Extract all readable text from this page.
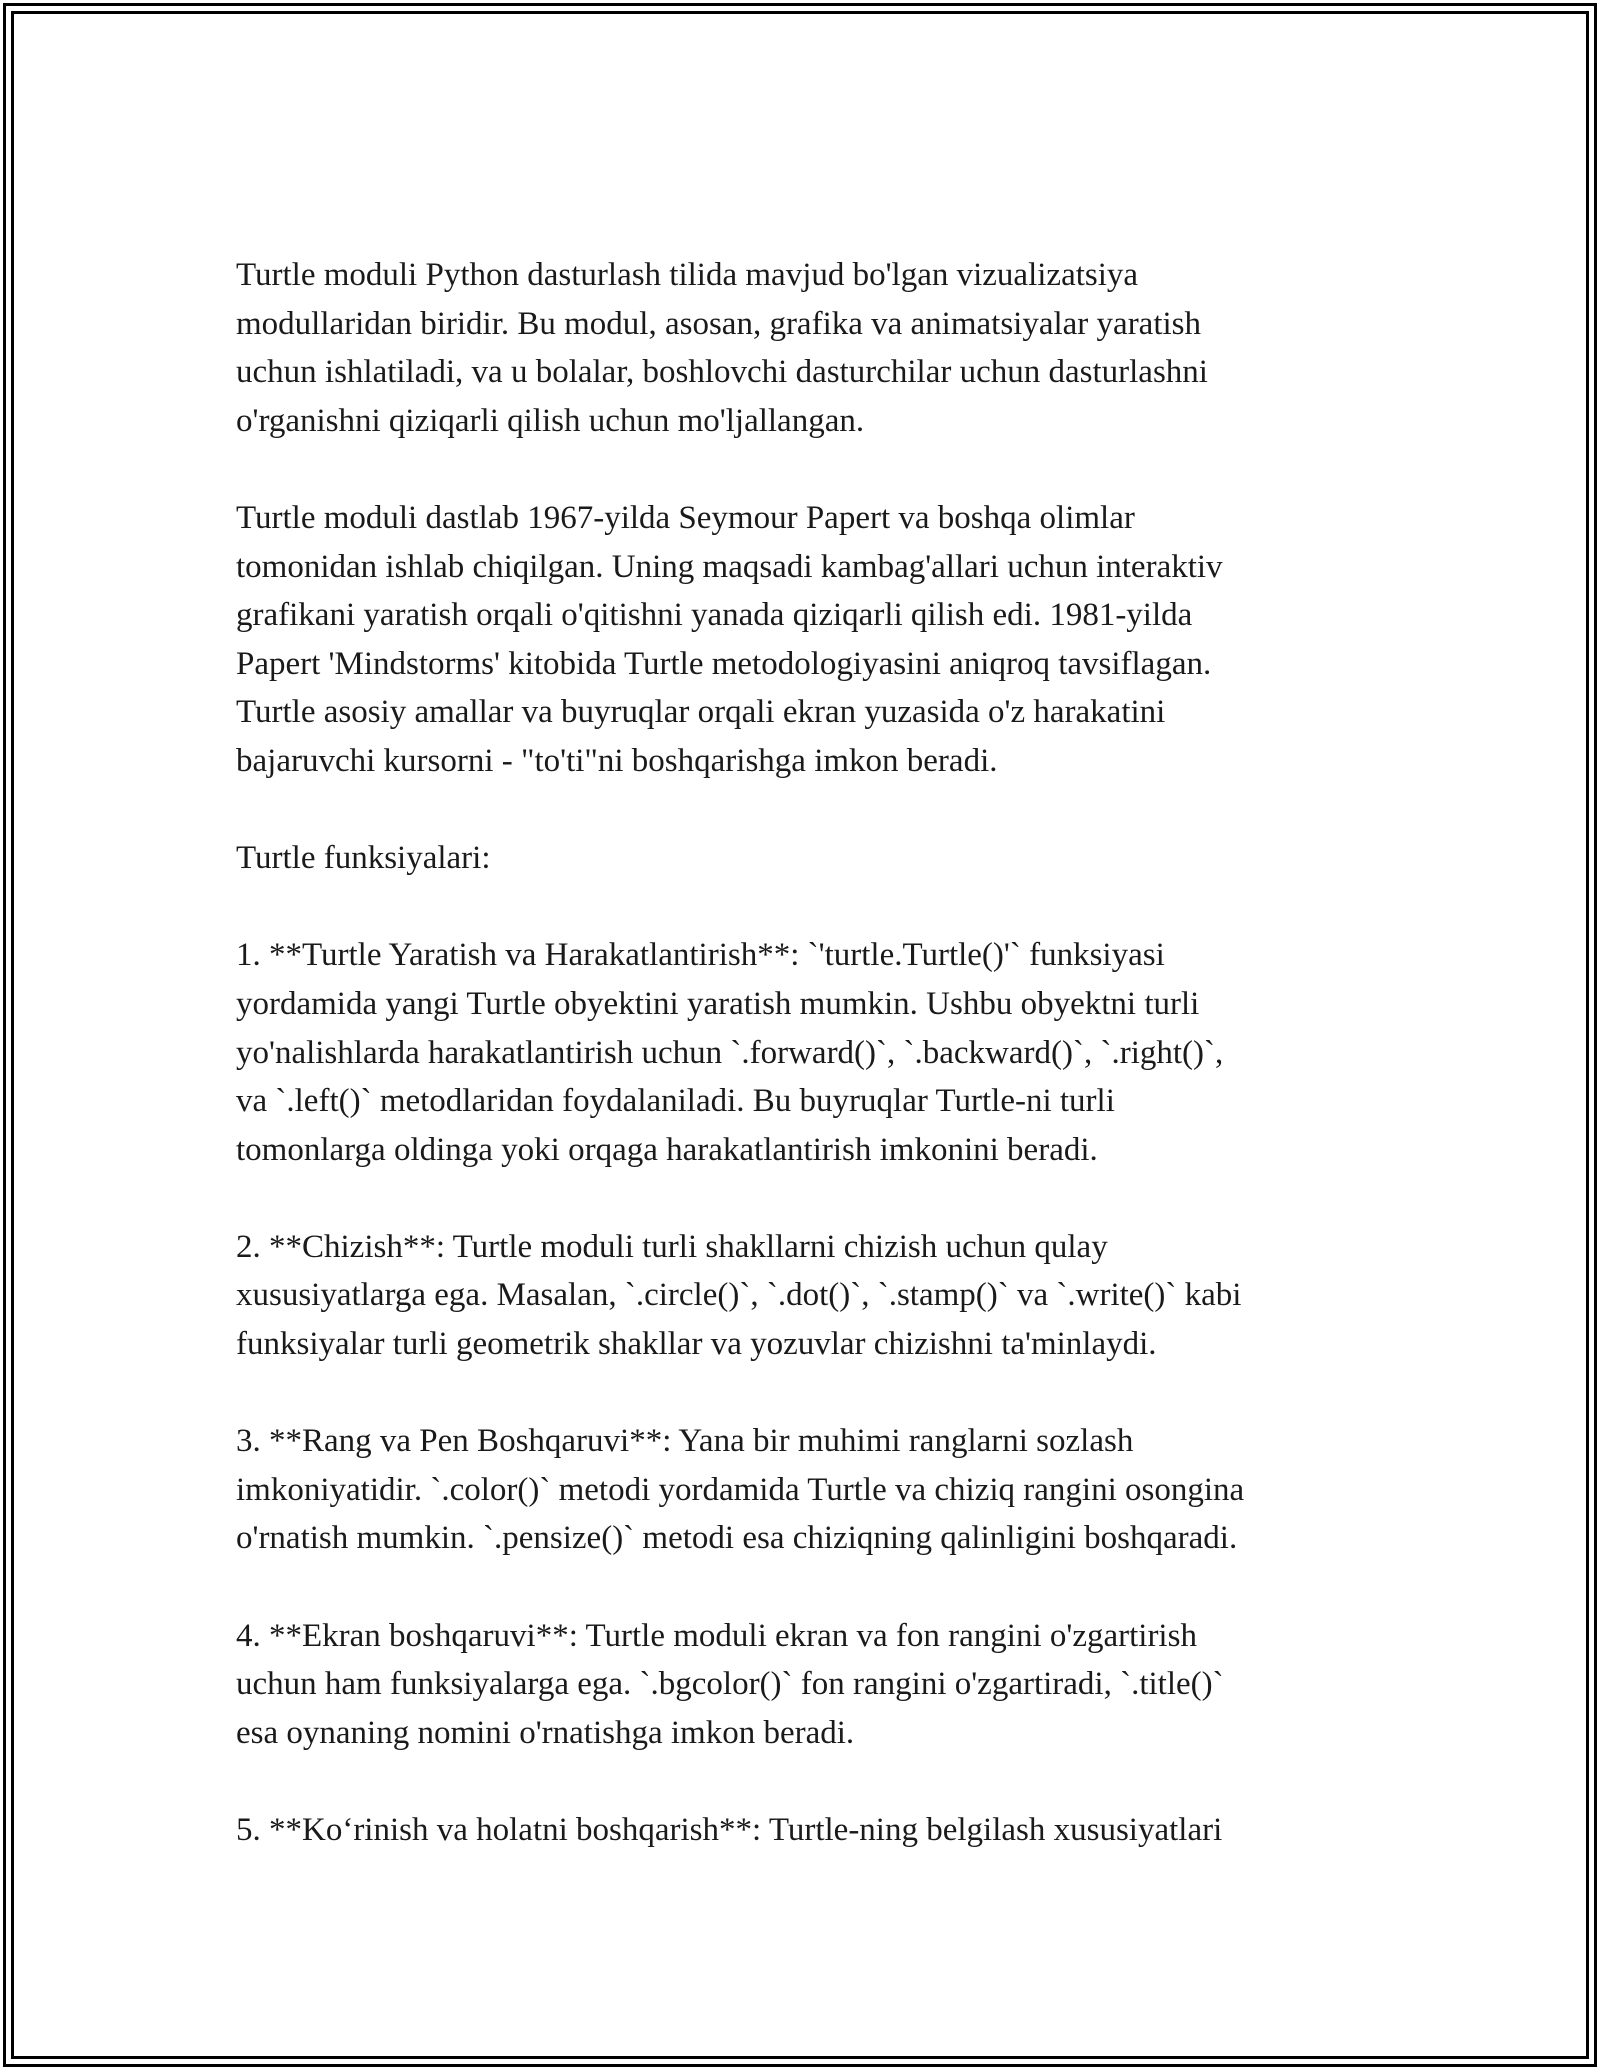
Turtle moduli Python dasturlash tilida mavjud bo'lgan vizualizatsiya
modullaridan biridir. Bu modul, asosan, grafika va animatsiyalar yaratish
uchun ishlatiladi, va u bolalar, boshlovchi dasturchilar uchun dasturlashni
o'rganishni qiziqarli qilish uchun mo'ljallangan.

Turtle moduli dastlab 1967-yilda Seymour Papert va boshqa olimlar
tomonidan ishlab chiqilgan. Uning maqsadi kambag'allari uchun interaktiv
grafikani yaratish orqali o'qitishni yanada qiziqarli qilish edi. 1981-yilda
Papert 'Mindstorms' kitobida Turtle metodologiyasini aniqroq tavsiflagan.
Turtle asosiy amallar va buyruqlar orqali ekran yuzasida o'z harakatini
bajaruvchi kursorni - "to'ti"ni boshqarishga imkon beradi.

Turtle funksiyalari:

1. **Turtle Yaratish va Harakatlantirish**: `'turtle.Turtle()'` funksiyasi
yordamida yangi Turtle obyektini yaratish mumkin. Ushbu obyektni turli
yo'nalishlarda harakatlantirish uchun `.forward()`, `.backward()`, `.right()`,
va `.left()` metodlaridan foydalaniladi. Bu buyruqlar Turtle-ni turli
tomonlarga oldinga yoki orqaga harakatlantirish imkonini beradi.

2. **Chizish**: Turtle moduli turli shakllarni chizish uchun qulay
xususiyatlarga ega. Masalan, `.circle()`, `.dot()`, `.stamp()` va `.write()` kabi
funksiyalar turli geometrik shakllar va yozuvlar chizishni ta'minlaydi.

3. **Rang va Pen Boshqaruvi**: Yana bir muhimi ranglarni sozlash
imkoniyatidir. `.color()` metodi yordamida Turtle va chiziq rangini osongina
o'rnatish mumkin. `.pensize()` metodi esa chiziqning qalinligini boshqaradi.

4. **Ekran boshqaruvi**: Turtle moduli ekran va fon rangini o'zgartirish
uchun ham funksiyalarga ega. `.bgcolor()` fon rangini o'zgartiradi, `.title()`
esa oynaning nomini o'rnatishga imkon beradi.

5. **Ko‘rinish va holatni boshqarish**: Turtle-ning belgilash xususiyatlari
